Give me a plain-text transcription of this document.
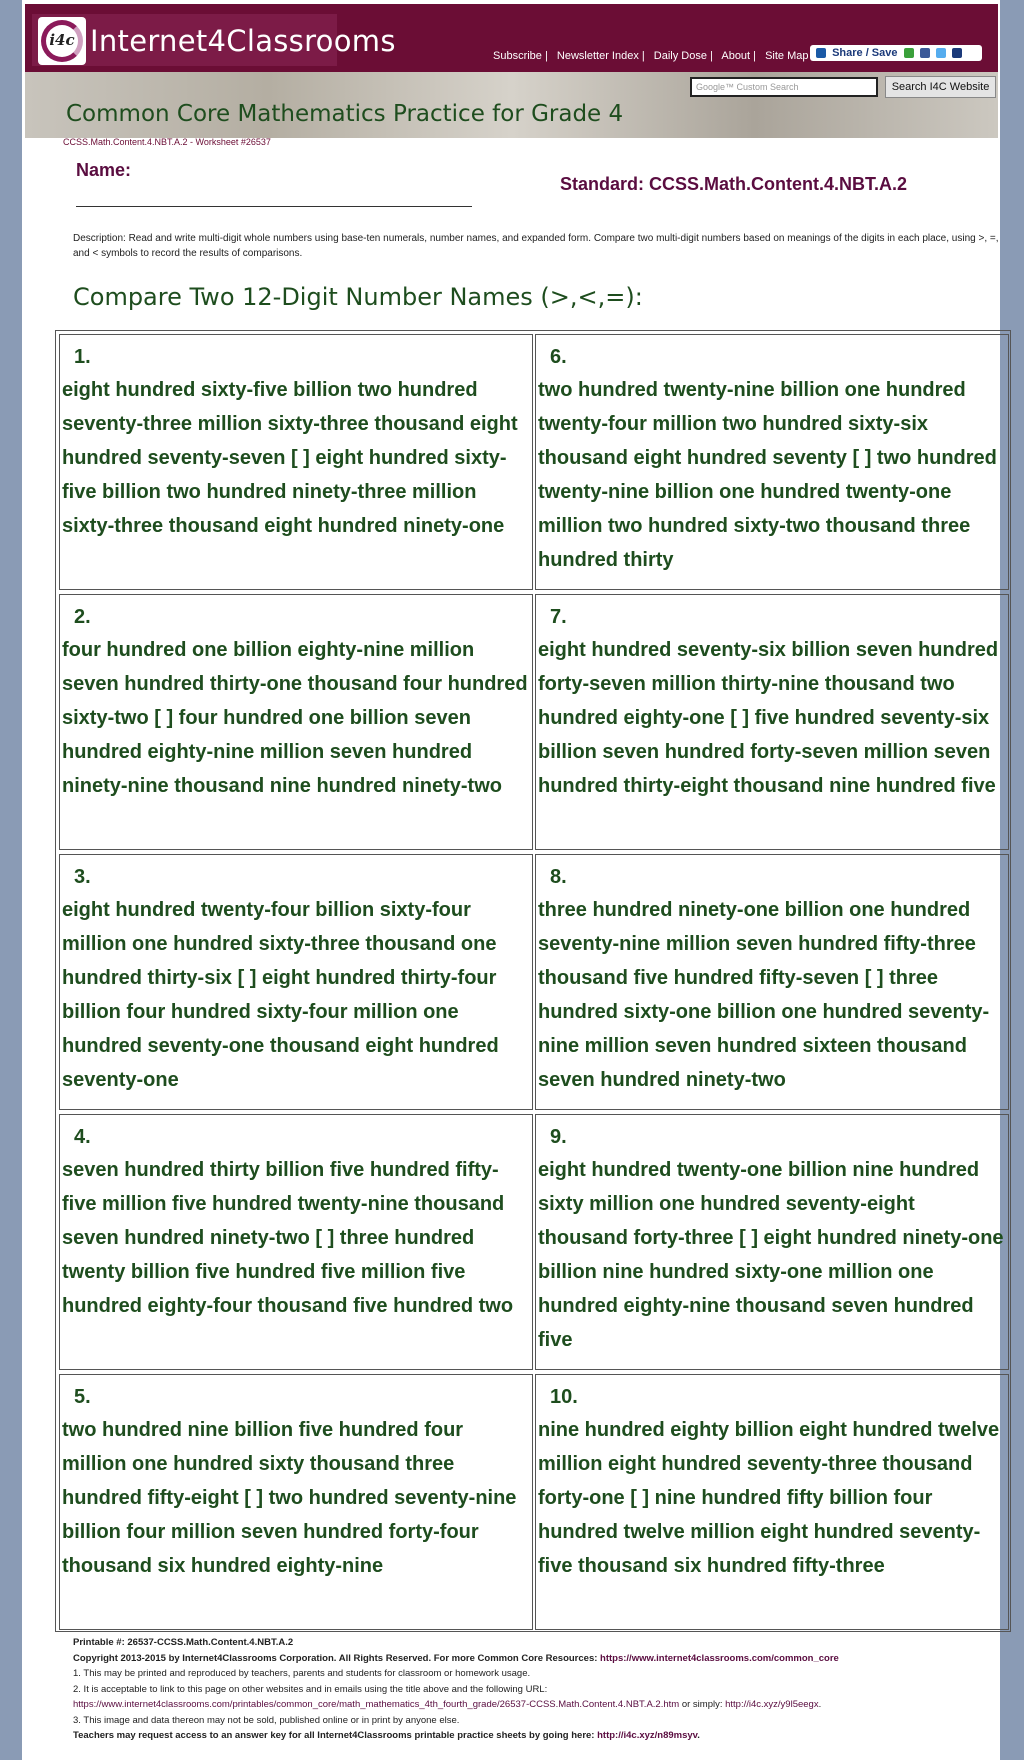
i4c Internet4Classrooms	Subscribe | Newsletter Index | Daily Dose | About | Site Map	Share / Save
Google™ Custom Search	Search I4C Website
Common Core Mathematics Practice for Grade 4
CCSS.Math.Content.4.NBT.A.2 - Worksheet #26537
Name:
Standard: CCSS.Math.Content.4.NBT.A.2
Description: Read and write multi-digit whole numbers using base-ten numerals, number names, and expanded form. Compare two multi-digit numbers based on meanings of the digits in each place, using >, =, and < symbols to record the results of comparisons.
Compare Two 12-Digit Number Names (>,<,=):
1.
eight hundred sixty-five billion two hundred seventy-three million sixty-three thousand eight hundred seventy-seven [ ] eight hundred sixty-five billion two hundred ninety-three million sixty-three thousand eight hundred ninety-one
6.
two hundred twenty-nine billion one hundred twenty-four million two hundred sixty-six thousand eight hundred seventy [ ] two hundred twenty-nine billion one hundred twenty-one million two hundred sixty-two thousand three hundred thirty
2.
four hundred one billion eighty-nine million seven hundred thirty-one thousand four hundred sixty-two [ ] four hundred one billion seven hundred eighty-nine million seven hundred ninety-nine thousand nine hundred ninety-two
7.
eight hundred seventy-six billion seven hundred forty-seven million thirty-nine thousand two hundred eighty-one [ ] five hundred seventy-six billion seven hundred forty-seven million seven hundred thirty-eight thousand nine hundred five
3.
eight hundred twenty-four billion sixty-four million one hundred sixty-three thousand one hundred thirty-six [ ] eight hundred thirty-four billion four hundred sixty-four million one hundred seventy-one thousand eight hundred seventy-one
8.
three hundred ninety-one billion one hundred seventy-nine million seven hundred fifty-three thousand five hundred fifty-seven [ ] three hundred sixty-one billion one hundred seventy-nine million seven hundred sixteen thousand seven hundred ninety-two
4.
seven hundred thirty billion five hundred fifty-five million five hundred twenty-nine thousand seven hundred ninety-two [ ] three hundred twenty billion five hundred five million five hundred eighty-four thousand five hundred two
9.
eight hundred twenty-one billion nine hundred sixty million one hundred seventy-eight thousand forty-three [ ] eight hundred ninety-one billion nine hundred sixty-one million one hundred eighty-nine thousand seven hundred five
5.
two hundred nine billion five hundred four million one hundred sixty thousand three hundred fifty-eight [ ] two hundred seventy-nine billion four million seven hundred forty-four thousand six hundred eighty-nine
10.
nine hundred eighty billion eight hundred twelve million eight hundred seventy-three thousand forty-one [ ] nine hundred fifty billion four hundred twelve million eight hundred seventy-five thousand six hundred fifty-three
Printable #: 26537-CCSS.Math.Content.4.NBT.A.2
Copyright 2013-2015 by Internet4Classrooms Corporation. All Rights Reserved. For more Common Core Resources: https://www.internet4classrooms.com/common_core
1. This may be printed and reproduced by teachers, parents and students for classroom or homework usage.
2. It is acceptable to link to this page on other websites and in emails using the title above and the following URL:
https://www.internet4classrooms.com/printables/common_core/math_mathematics_4th_fourth_grade/26537-CCSS.Math.Content.4.NBT.A.2.htm or simply: http://i4c.xyz/y9l5eegx.
3. This image and data thereon may not be sold, published online or in print by anyone else.
Teachers may request access to an answer key for all Internet4Classrooms printable practice sheets by going here: http://i4c.xyz/n89msyv.
